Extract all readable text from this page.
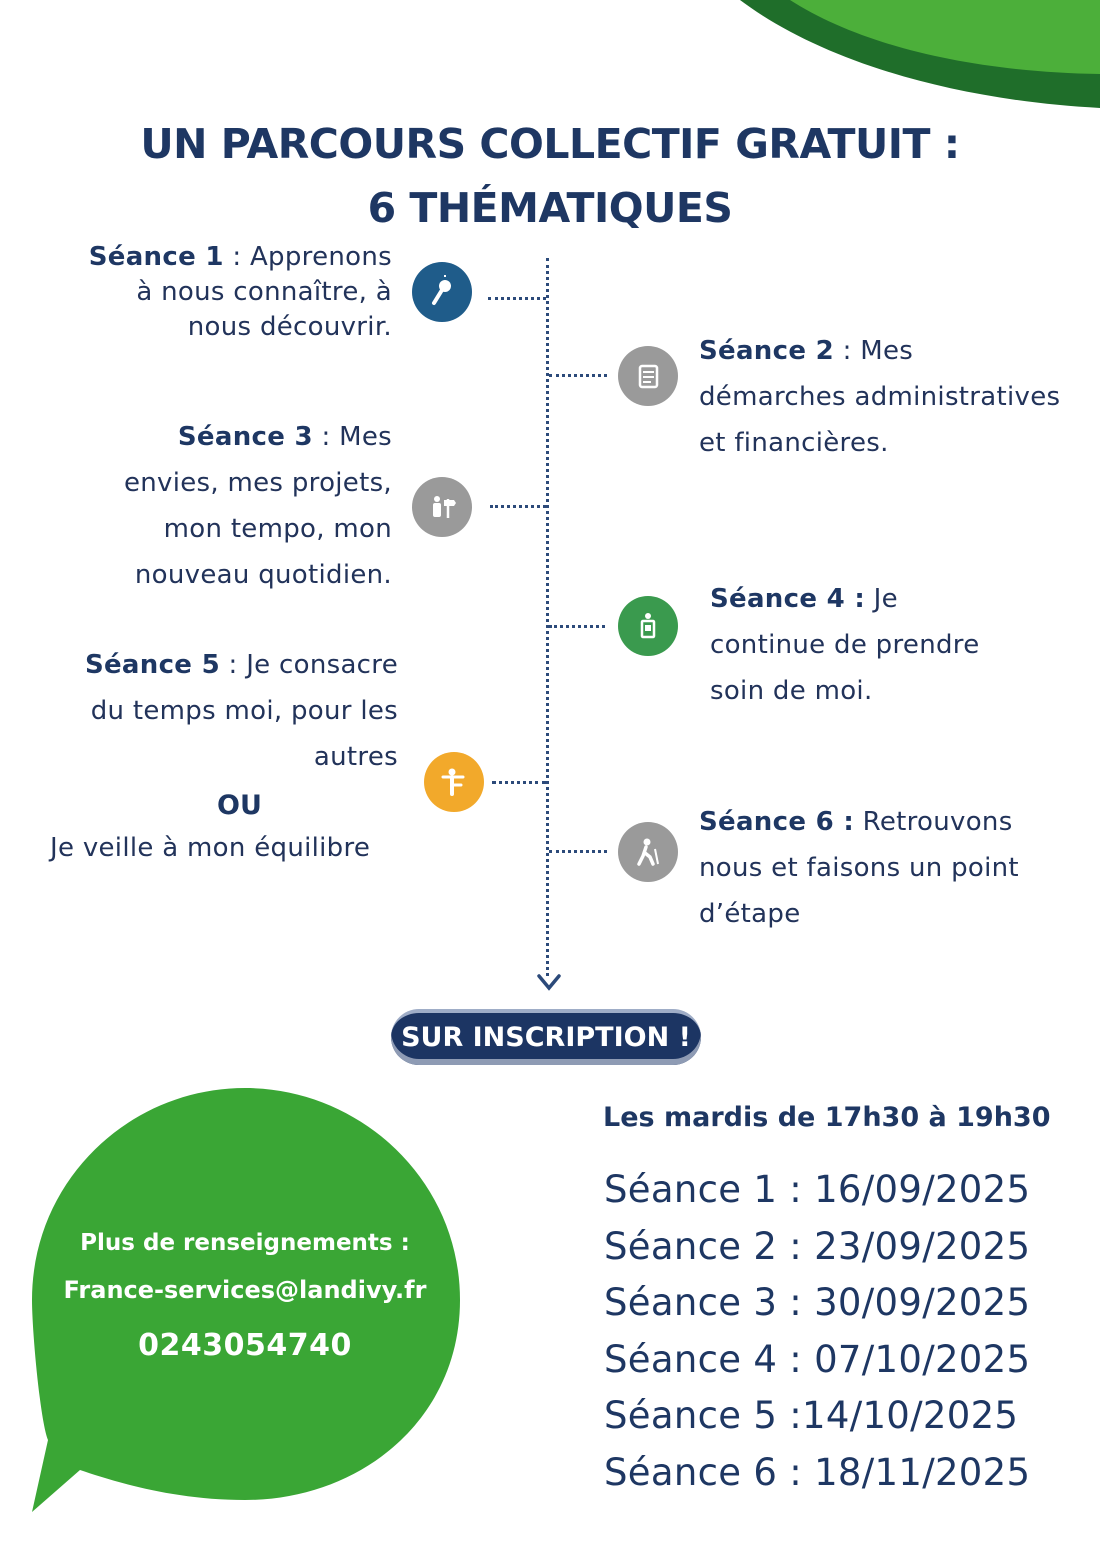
UN PARCOURS COLLECTIF GRATUIT :
6 THÉMATIQUES
Séance 1 : Apprenons
à nous connaître, à
nous découvrir.
Séance 2 : Mes
démarches administratives
et financières.
Séance 3 : Mes
envies, mes projets,
mon tempo, mon
nouveau quotidien.
Séance 4 : Je
continue de prendre
soin de moi.
Séance 5 : Je consacre
du temps moi, pour les
autres
OU
Je veille à mon équilibre
Séance 6 : Retrouvons
nous et faisons un point
d’étape
SUR INSCRIPTION !
Plus de renseignements :
France-services@landivy.fr
0243054740
Les mardis de 17h30 à 19h30
Séance 1 : 16/09/2025
Séance 2 : 23/09/2025
Séance 3 : 30/09/2025
Séance 4 : 07/10/2025
Séance 5 :14/10/2025
Séance 6 : 18/11/2025
